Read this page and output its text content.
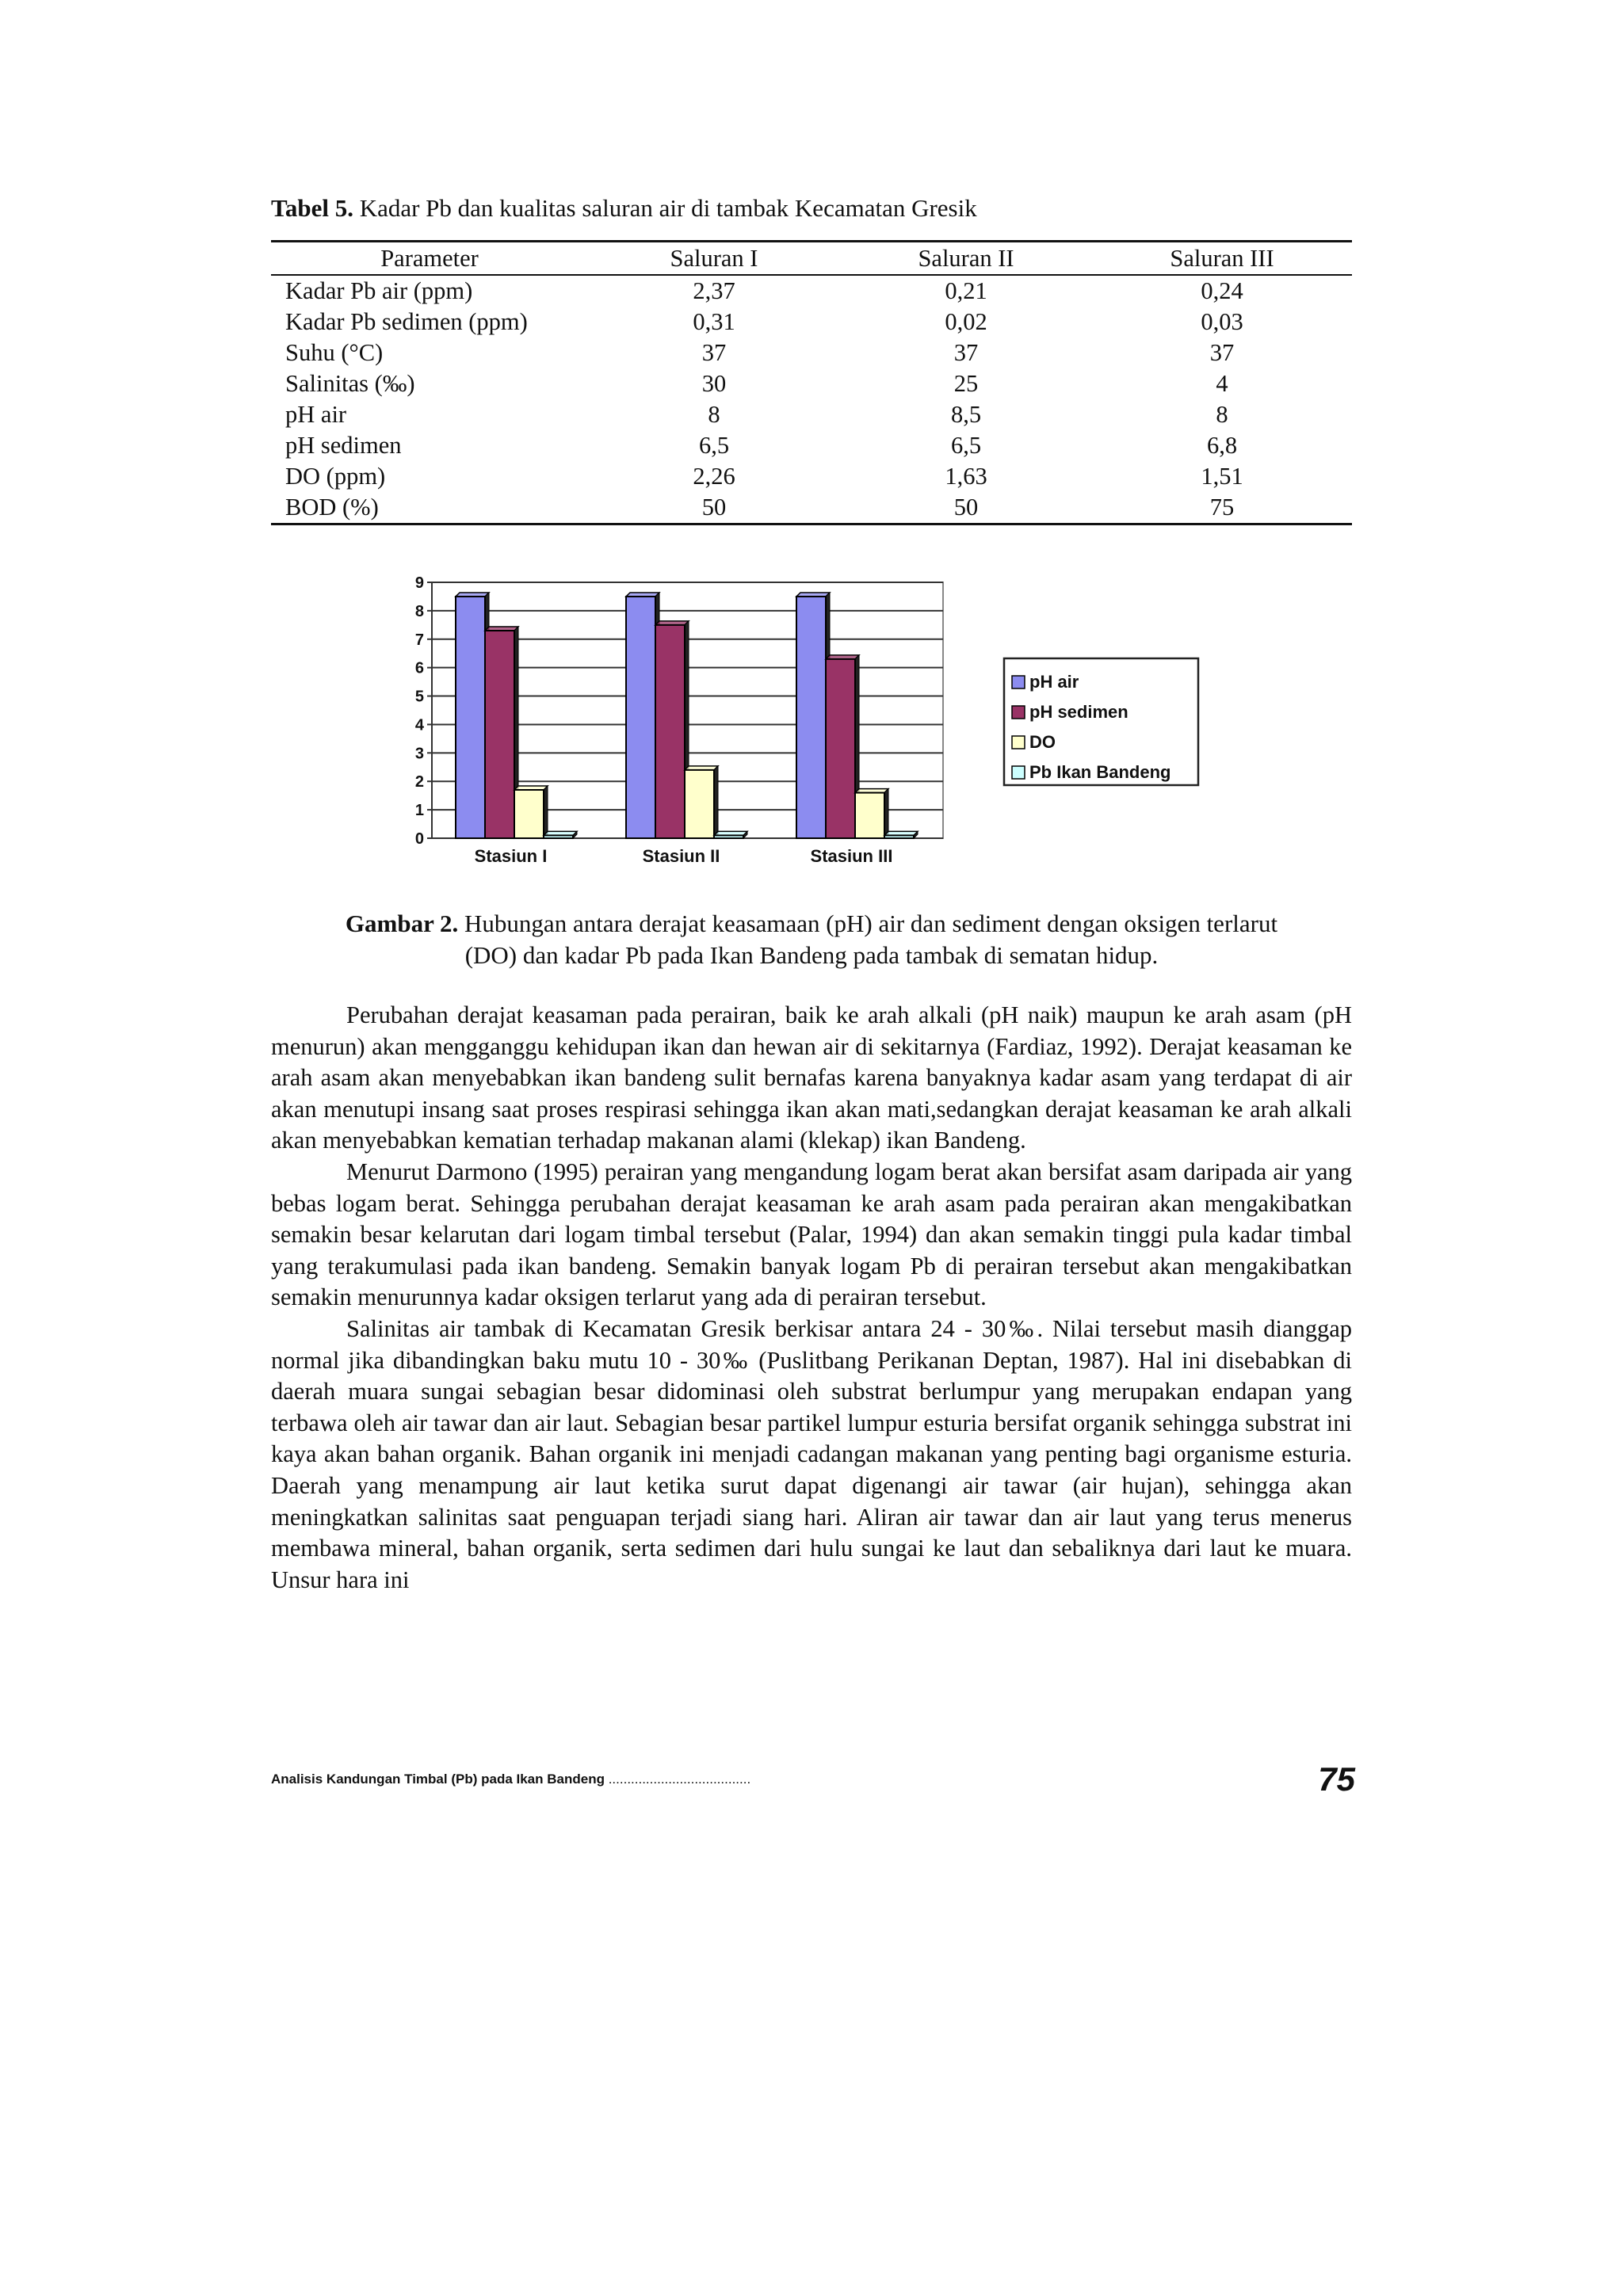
Tabel 5. Kadar Pb dan kualitas saluran air di tambak Kecamatan Gresik
Parameter	Saluran I	Saluran II	Saluran III
Kadar Pb air (ppm)	2,37	0,21	0,24
Kadar Pb sedimen (ppm)	0,31	0,02	0,03
Suhu (°C)	37	37	37
Salinitas (‰)	30	25	4
pH air	8	8,5	8
pH sedimen	6,5	6,5	6,8
DO (ppm)	2,26	1,63	1,51
BOD (%)	50	50	75
0
1
2
3
4
5
6
7
8
9
Stasiun I	Stasiun II	Stasiun III
pH air
pH sedimen
DO
Pb Ikan Bandeng
Gambar 2. Hubungan antara derajat keasamaan (pH) air dan sediment dengan oksigen terlarut
(DO) dan kadar Pb pada Ikan Bandeng pada tambak di sematan hidup.

Perubahan derajat keasaman pada perairan, baik ke arah alkali (pH naik) maupun ke arah asam (pH menurun) akan mengganggu kehidupan ikan dan hewan air di sekitarnya (Fardiaz, 1992). Derajat keasaman ke arah asam akan menyebabkan ikan bandeng sulit bernafas karena banyaknya kadar asam yang terdapat di air akan menutupi insang saat proses respirasi sehingga ikan akan mati,sedangkan derajat keasaman ke arah alkali akan menyebabkan kematian terhadap makanan alami (klekap) ikan Bandeng.

Menurut Darmono (1995) perairan yang mengandung logam berat akan bersifat asam daripada air yang bebas logam berat. Sehingga perubahan derajat keasaman ke arah asam pada perairan akan mengakibatkan semakin besar kelarutan dari logam timbal tersebut (Palar, 1994) dan akan semakin tinggi pula kadar timbal yang terakumulasi pada ikan bandeng. Semakin banyak logam Pb di perairan tersebut akan mengakibatkan semakin menurunnya kadar oksigen terlarut yang ada di perairan tersebut.

Salinitas air tambak di Kecamatan Gresik berkisar antara 24 - 30‰. Nilai tersebut masih dianggap normal jika dibandingkan baku mutu 10 - 30‰ (Puslitbang Perikanan Deptan, 1987). Hal ini disebabkan di daerah muara sungai sebagian besar didominasi oleh substrat berlumpur yang merupakan endapan yang terbawa oleh air tawar dan air laut. Sebagian besar partikel lumpur esturia bersifat organik sehingga substrat ini kaya akan bahan organik. Bahan organik ini menjadi cadangan makanan yang penting bagi organisme esturia. Daerah yang menampung air laut ketika surut dapat digenangi air tawar (air hujan), sehingga akan meningkatkan salinitas saat penguapan terjadi siang hari. Aliran air tawar dan air laut yang terus menerus membawa mineral, bahan organik, serta sedimen dari hulu sungai ke laut dan sebaliknya dari laut ke muara. Unsur hara ini

Analisis Kandungan Timbal (Pb) pada Ikan Bandeng ......................................	75
